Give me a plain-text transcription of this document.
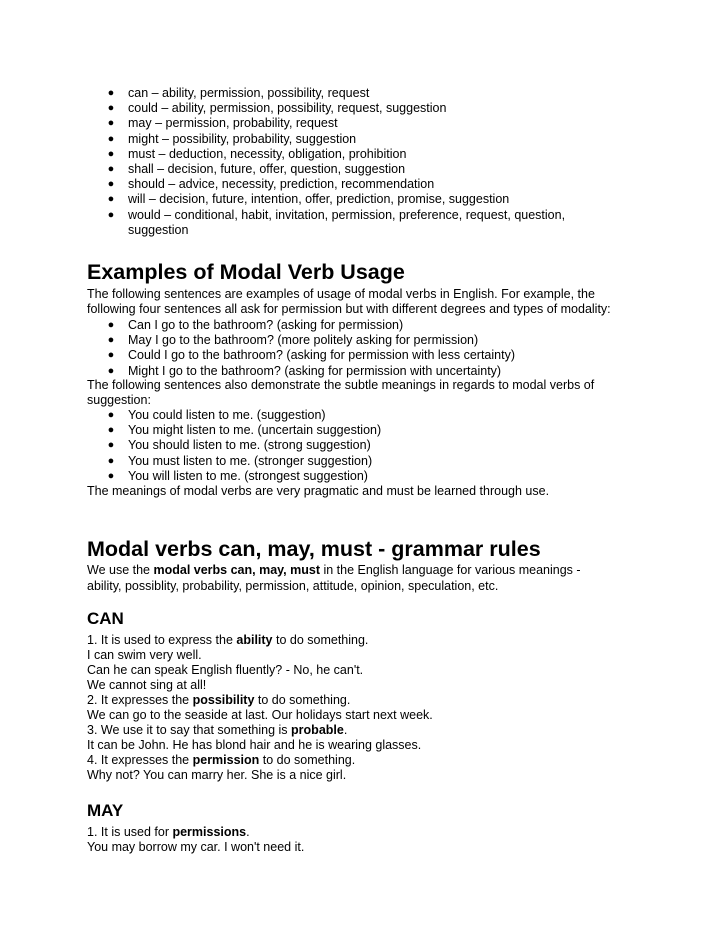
● can – ability, permission, possibility, request
● could – ability, permission, possibility, request, suggestion
● may – permission, probability, request
● might – possibility, probability, suggestion
● must – deduction, necessity, obligation, prohibition
● shall – decision, future, offer, question, suggestion
● should – advice, necessity, prediction, recommendation
● will – decision, future, intention, offer, prediction, promise, suggestion
● would – conditional, habit, invitation, permission, preference, request, question, suggestion
Examples of Modal Verb Usage
The following sentences are examples of usage of modal verbs in English. For example, the
following four sentences all ask for permission but with different degrees and types of modality:
● Can I go to the bathroom? (asking for permission)
● May I go to the bathroom? (more politely asking for permission)
● Could I go to the bathroom? (asking for permission with less certainty)
● Might I go to the bathroom? (asking for permission with uncertainty)
The following sentences also demonstrate the subtle meanings in regards to modal verbs of
suggestion:
● You could listen to me. (suggestion)
● You might listen to me. (uncertain suggestion)
● You should listen to me. (strong suggestion)
● You must listen to me. (stronger suggestion)
● You will listen to me. (strongest suggestion)
The meanings of modal verbs are very pragmatic and must be learned through use.
Modal verbs can, may, must - grammar rules
We use the modal verbs can, may, must in the English language for various meanings -
ability, possiblity, probability, permission, attitude, opinion, speculation, etc.
CAN
1. It is used to express the ability to do something.
I can swim very well.
Can he can speak English fluently? - No, he can't.
We cannot sing at all!
2. It expresses the possibility to do something.
We can go to the seaside at last. Our holidays start next week.
3. We use it to say that something is probable.
It can be John. He has blond hair and he is wearing glasses.
4. It expresses the permission to do something.
Why not? You can marry her. She is a nice girl.
MAY
1. It is used for permissions.
You may borrow my car. I won't need it.
